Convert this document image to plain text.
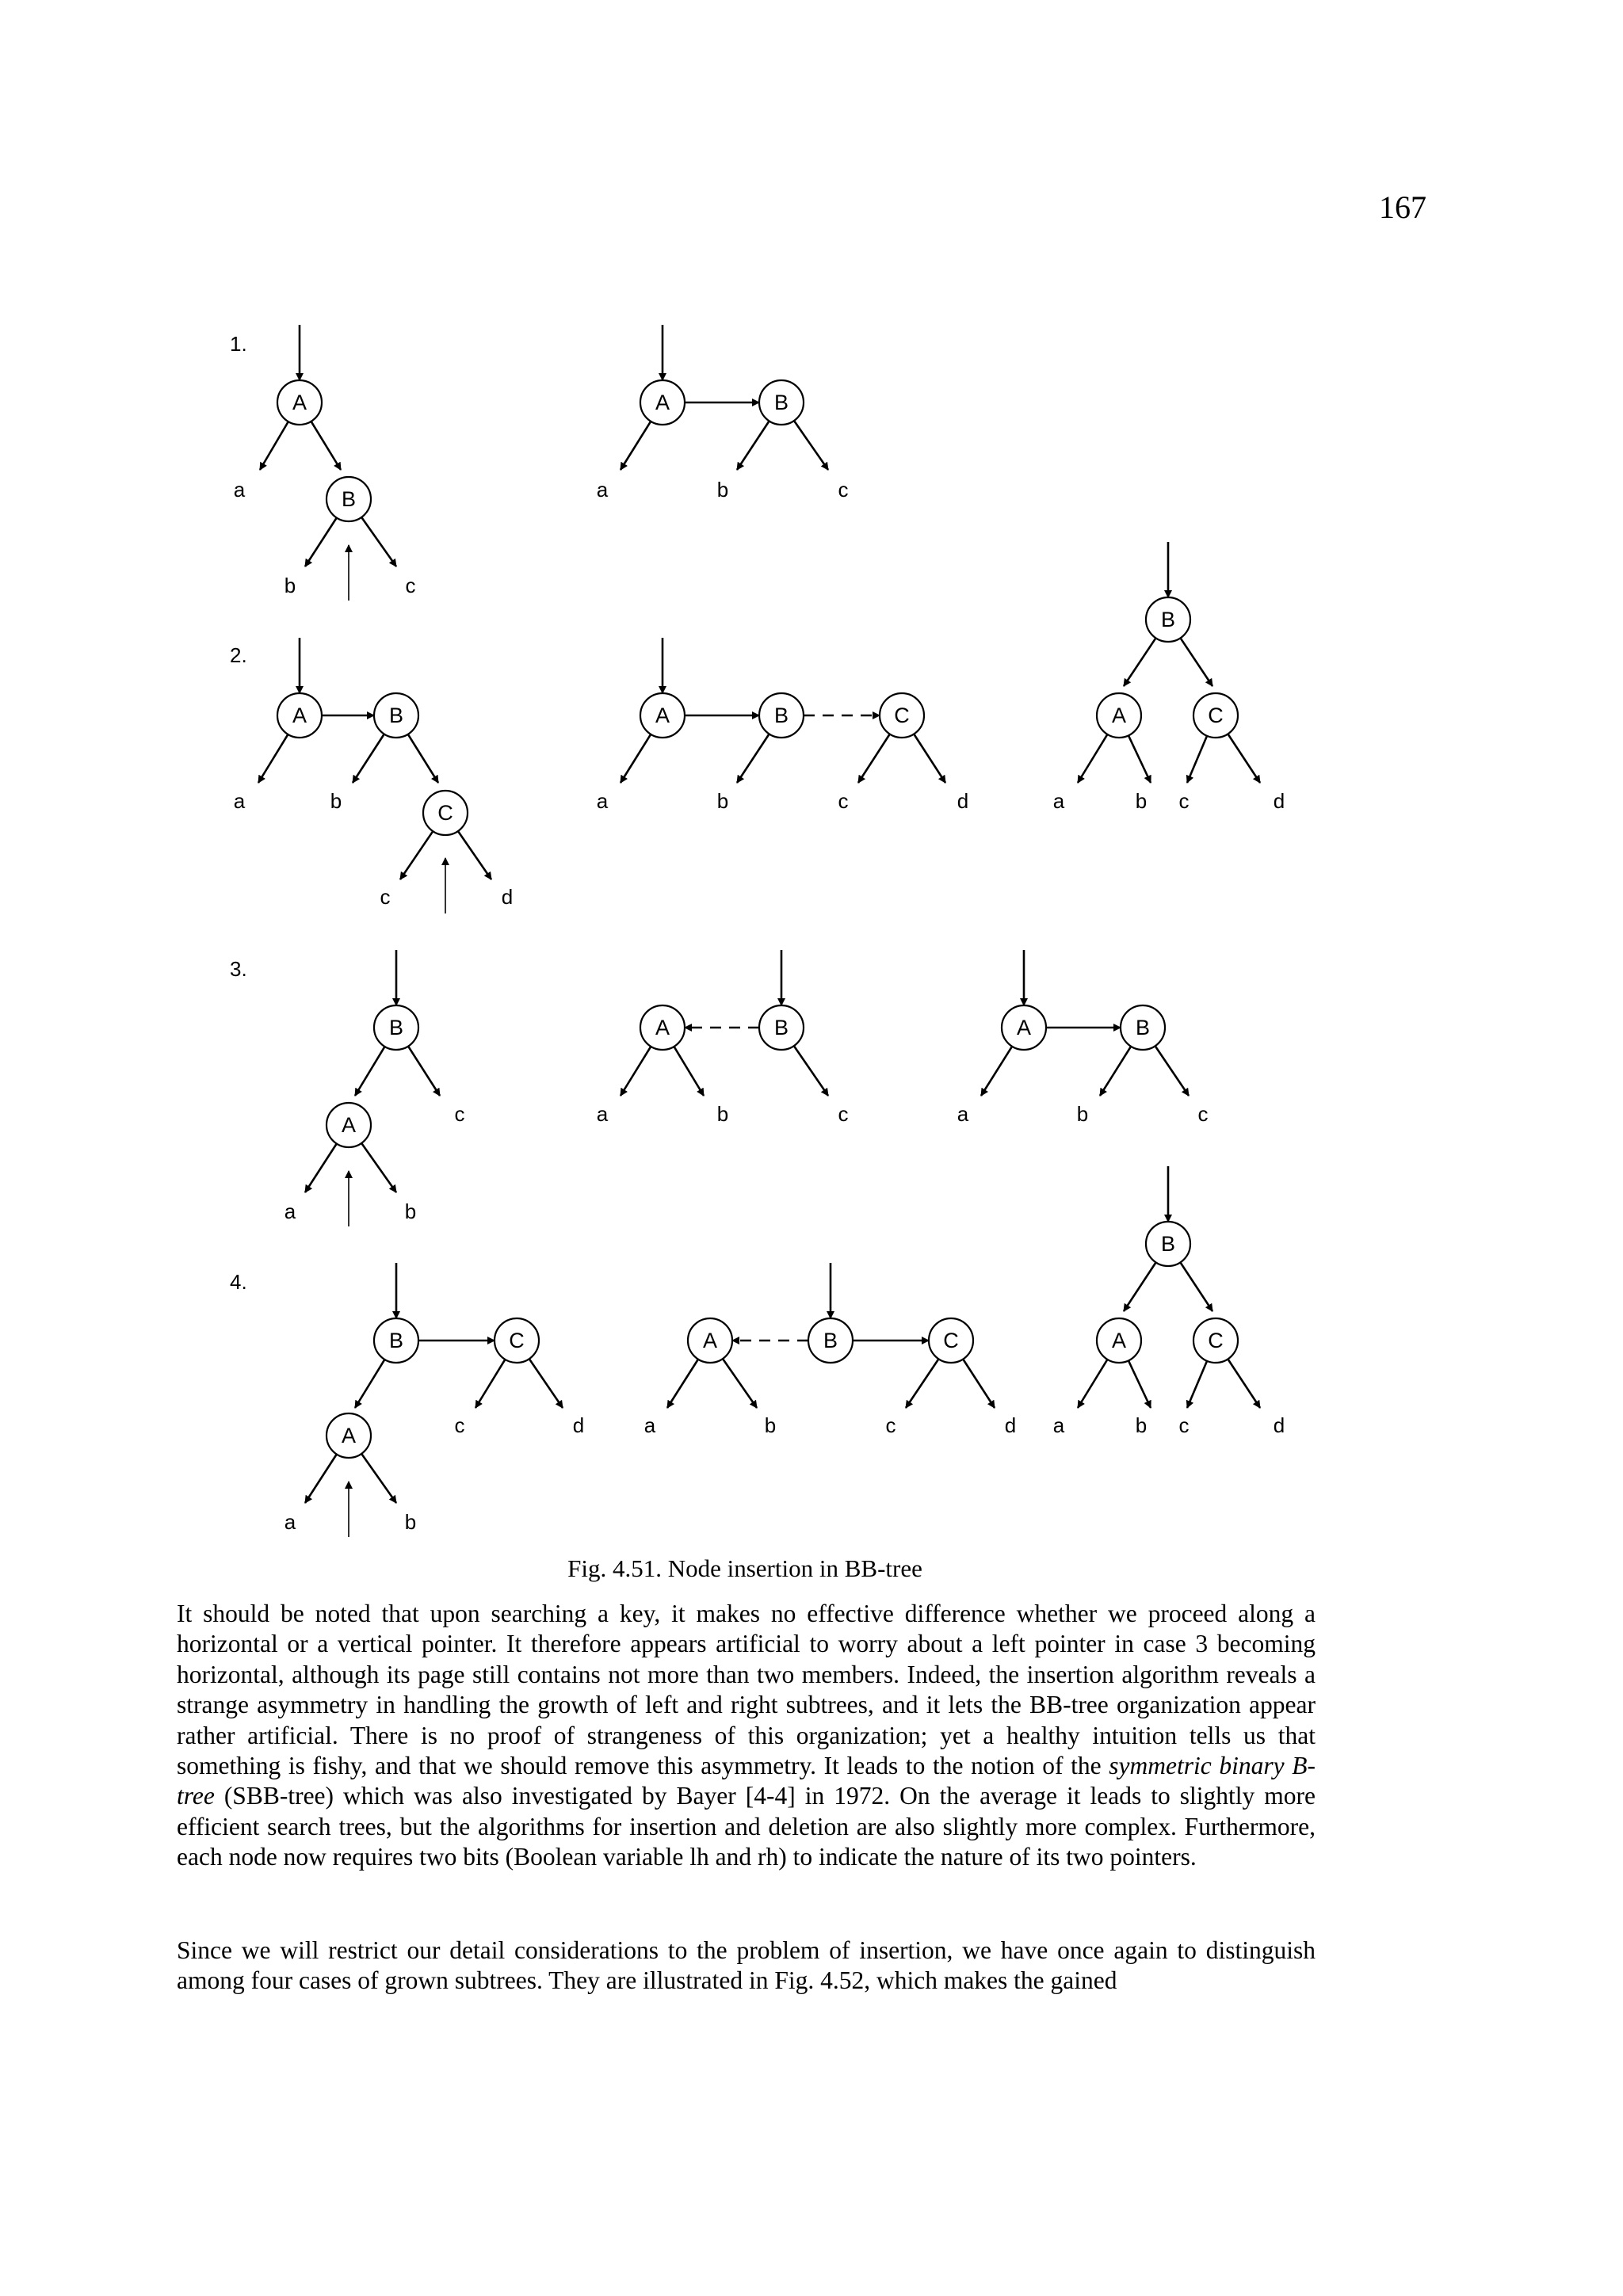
167
A
B
A	B
A	B
C
A	B	C
B
A	C
B
A
A	B	A	B
B	C
A
A	B	C
B
A	C
1.
a
b	c
a	b	c
2.
a	b
c	d
a	b	c	d	a	b c	d
3.
c
a	b
a	b	c	a	b	c
4.
c	d
a	b
a	b	c	d a	b c	d
Fig. 4.51. Node insertion in BB-tree

It should be noted that upon searching a key, it makes no effective difference whether we proceed along a horizontal or a vertical pointer. It therefore appears artificial to worry about a left pointer in case 3 becoming horizontal, although its page still contains not more than two members. Indeed, the insertion algorithm reveals a strange asymmetry in handling the growth of left and right subtrees, and it lets the BB-tree organization appear rather artificial. There is no proof of strangeness of this organization; yet a healthy intuition tells us that something is fishy, and that we should remove this asymmetry. It leads to the notion of the symmetric binary B-tree (SBB-tree) which was also investigated by Bayer [4-4] in 1972. On the average it leads to slightly more efficient search trees, but the algorithms for insertion and deletion are also slightly more complex. Furthermore, each node now requires two bits (Boolean variable lh and rh) to indicate the nature of its two pointers.

Since we will restrict our detail considerations to the problem of insertion, we have once again to distinguish among four cases of grown subtrees. They are illustrated in Fig. 4.52, which makes the gained
